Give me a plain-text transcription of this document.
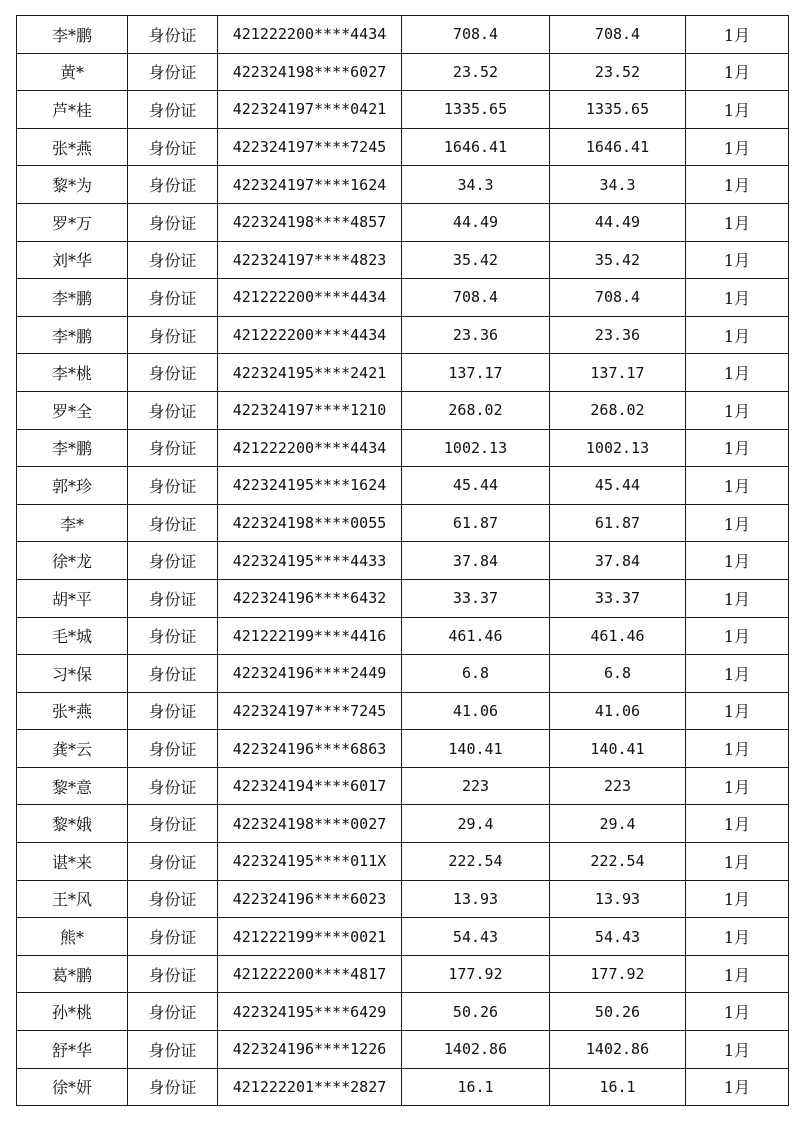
李*鹏	身份证	421222200****4434	708.4	708.4	1月
黄*	身份证	422324198****6027	23.52	23.52	1月
芦*桂	身份证	422324197****0421	1335.65	1335.65	1月
张*燕	身份证	422324197****7245	1646.41	1646.41	1月
黎*为	身份证	422324197****1624	34.3	34.3	1月
罗*万	身份证	422324198****4857	44.49	44.49	1月
刘*华	身份证	422324197****4823	35.42	35.42	1月
李*鹏	身份证	421222200****4434	708.4	708.4	1月
李*鹏	身份证	421222200****4434	23.36	23.36	1月
李*桃	身份证	422324195****2421	137.17	137.17	1月
罗*全	身份证	422324197****1210	268.02	268.02	1月
李*鹏	身份证	421222200****4434	1002.13	1002.13	1月
郭*珍	身份证	422324195****1624	45.44	45.44	1月
李*	身份证	422324198****0055	61.87	61.87	1月
徐*龙	身份证	422324195****4433	37.84	37.84	1月
胡*平	身份证	422324196****6432	33.37	33.37	1月
毛*城	身份证	421222199****4416	461.46	461.46	1月
习*保	身份证	422324196****2449	6.8	6.8	1月
张*燕	身份证	422324197****7245	41.06	41.06	1月
龚*云	身份证	422324196****6863	140.41	140.41	1月
黎*意	身份证	422324194****6017	223	223	1月
黎*娥	身份证	422324198****0027	29.4	29.4	1月
谌*来	身份证	422324195****011X	222.54	222.54	1月
王*风	身份证	422324196****6023	13.93	13.93	1月
熊*	身份证	421222199****0021	54.43	54.43	1月
葛*鹏	身份证	421222200****4817	177.92	177.92	1月
孙*桃	身份证	422324195****6429	50.26	50.26	1月
舒*华	身份证	422324196****1226	1402.86	1402.86	1月
徐*妍	身份证	421222201****2827	16.1	16.1	1月
